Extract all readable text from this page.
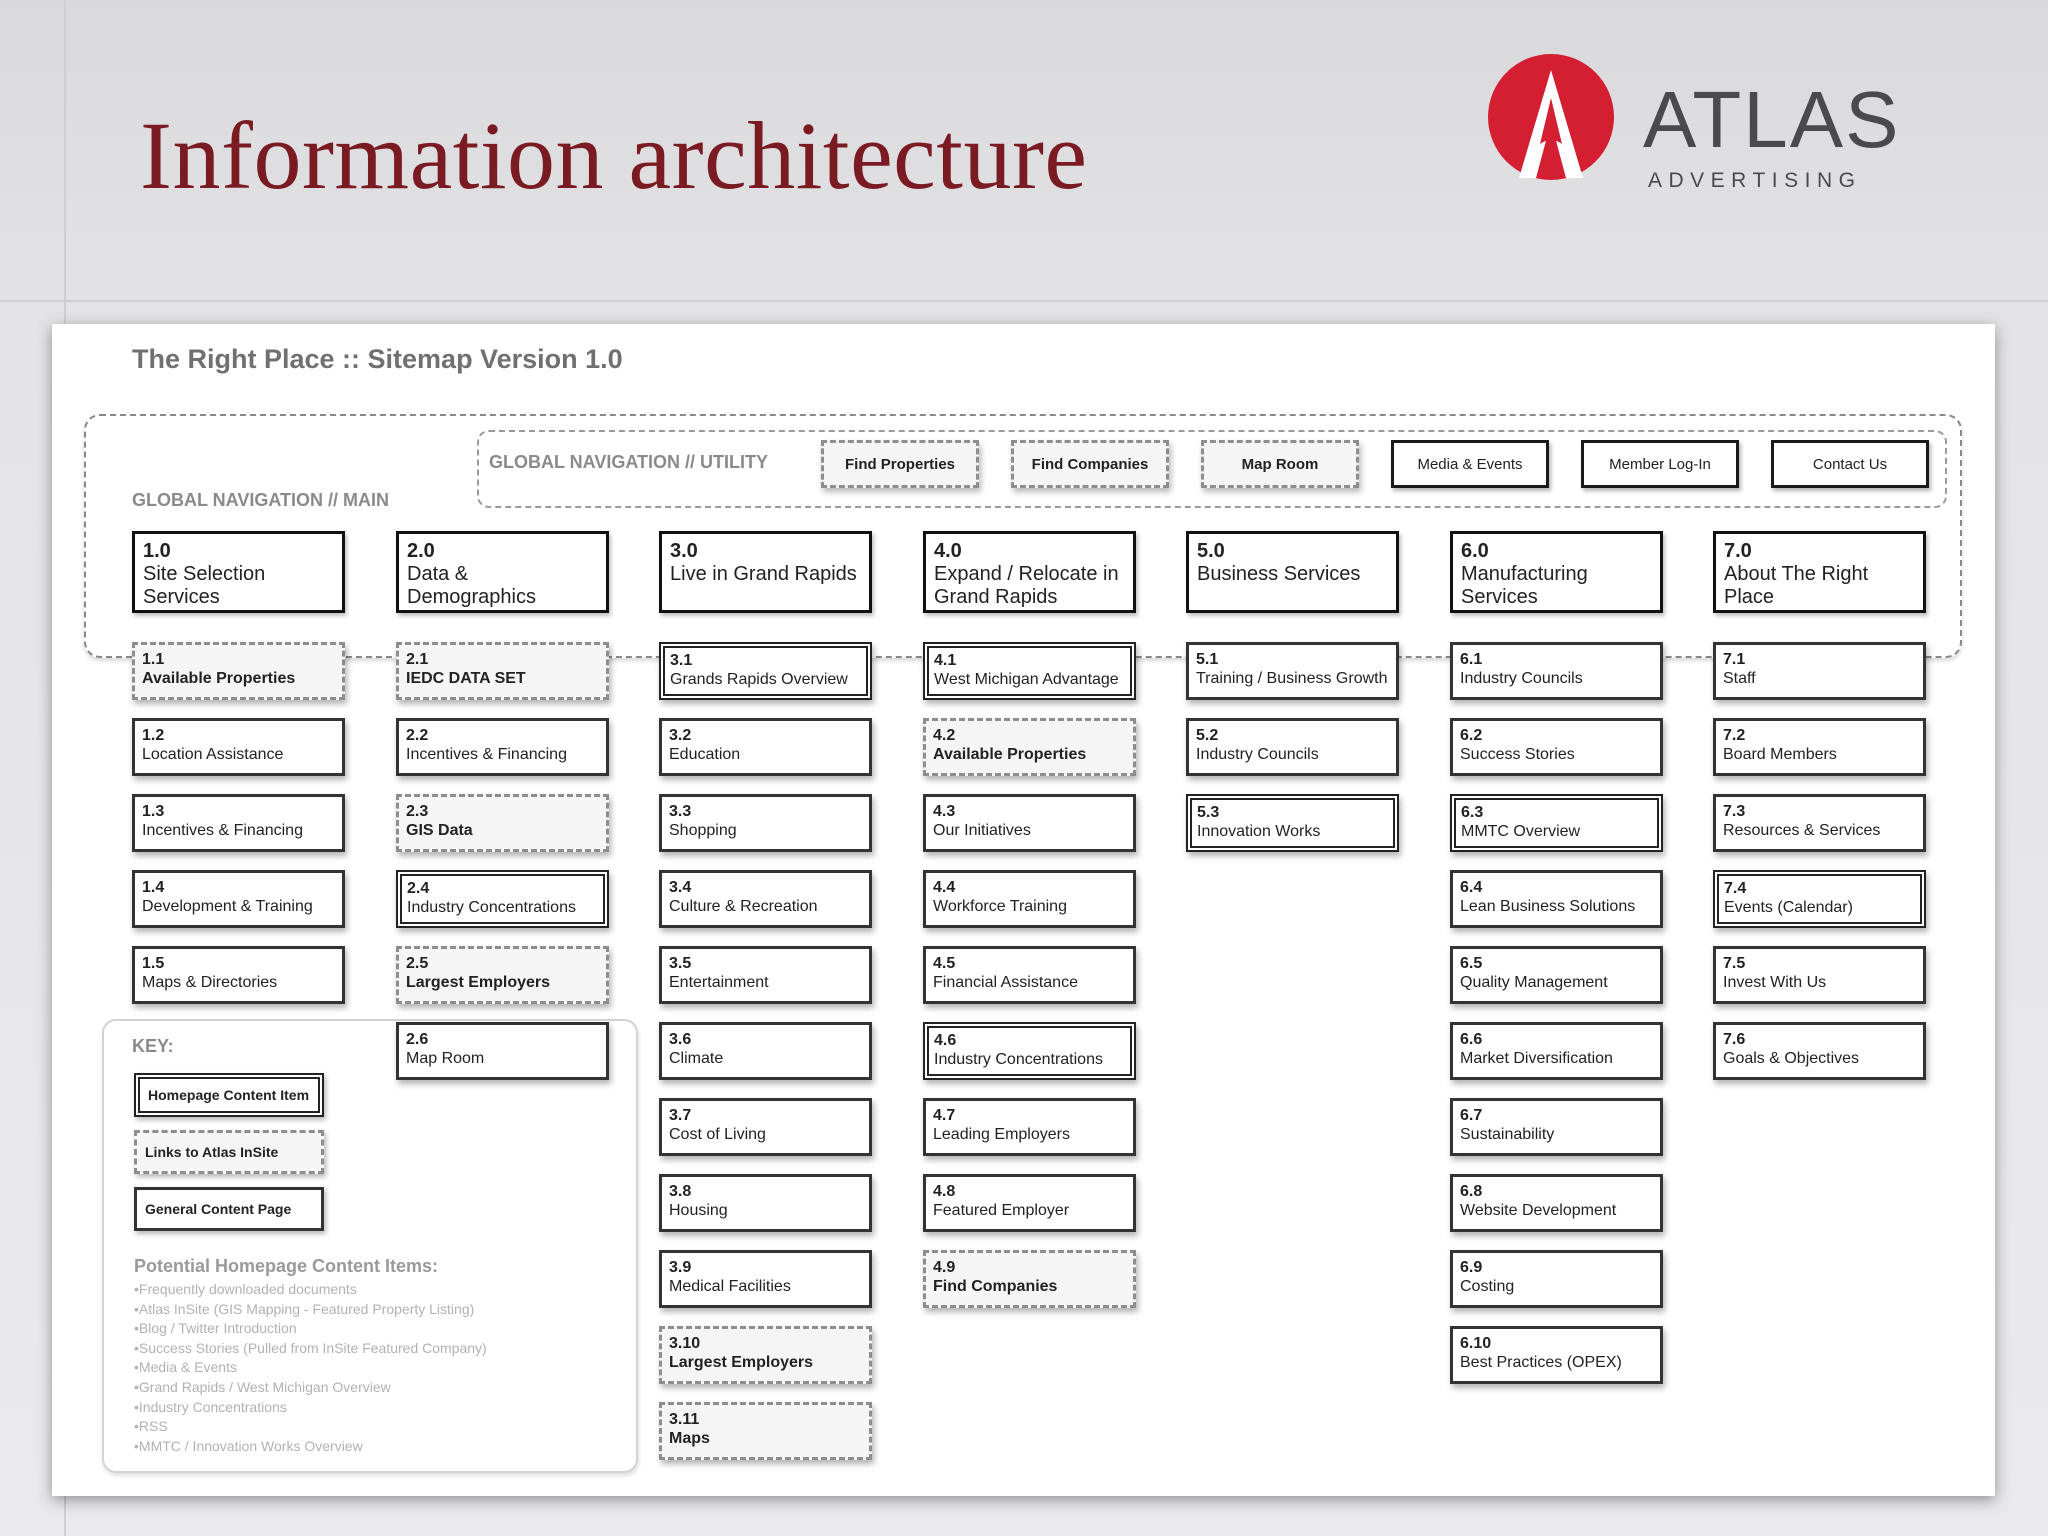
Information architecture	ATLAS
ADVERTISING
The Right Place :: Sitemap Version 1.0
GLOBAL NAVIGATION // UTILITY
GLOBAL NAVIGATION // MAIN
Find Properties	Find Companies	Map Room	Media & Events	Member Log-In	Contact Us
1.0
Site Selection Services
1.1
Available Properties
1.2
Location Assistance
1.3
Incentives & Financing
1.4
Development & Training
1.5
Maps & Directories
2.0
Data & Demographics
2.1
IEDC DATA SET
2.2
Incentives & Financing
2.3
GIS Data
2.4
Industry Concentrations
2.5
Largest Employers
2.6
Map Room
3.0
Live in Grand Rapids
3.1
Grands Rapids Overview
3.2
Education
3.3
Shopping
3.4
Culture & Recreation
3.5
Entertainment
3.6
Climate
3.7
Cost of Living
3.8
Housing
3.9
Medical Facilities
3.10
Largest Employers
3.11
Maps
4.0
Expand / Relocate in Grand Rapids
4.1
West Michigan Advantage
4.2
Available Properties
4.3
Our Initiatives
4.4
Workforce Training
4.5
Financial Assistance
4.6
Industry Concentrations
4.7
Leading Employers
4.8
Featured Employer
4.9
Find Companies
5.0
Business Services
5.1
Training / Business Growth
5.2
Industry Councils
5.3
Innovation Works
6.0
Manufacturing Services
6.1
Industry Councils
6.2
Success Stories
6.3
MMTC Overview
6.4
Lean Business Solutions
6.5
Quality Management
6.6
Market Diversification
6.7
Sustainability
6.8
Website Development
6.9
Costing
6.10
Best Practices (OPEX)
7.0
About The Right Place
7.1
Staff
7.2
Board Members
7.3
Resources & Services
7.4
Events (Calendar)
7.5
Invest With Us
7.6
Goals & Objectives
KEY:
Homepage Content Item
Links to Atlas InSite
General Content Page
Potential Homepage Content Items:
• Frequently downloaded documents
• Atlas InSite (GIS Mapping - Featured Property Listing)
• Blog / Twitter Introduction
• Success Stories (Pulled from InSite Featured Company)
• Media & Events
• Grand Rapids / West Michigan Overview
• Industry Concentrations
• RSS
• MMTC / Innovation Works Overview
